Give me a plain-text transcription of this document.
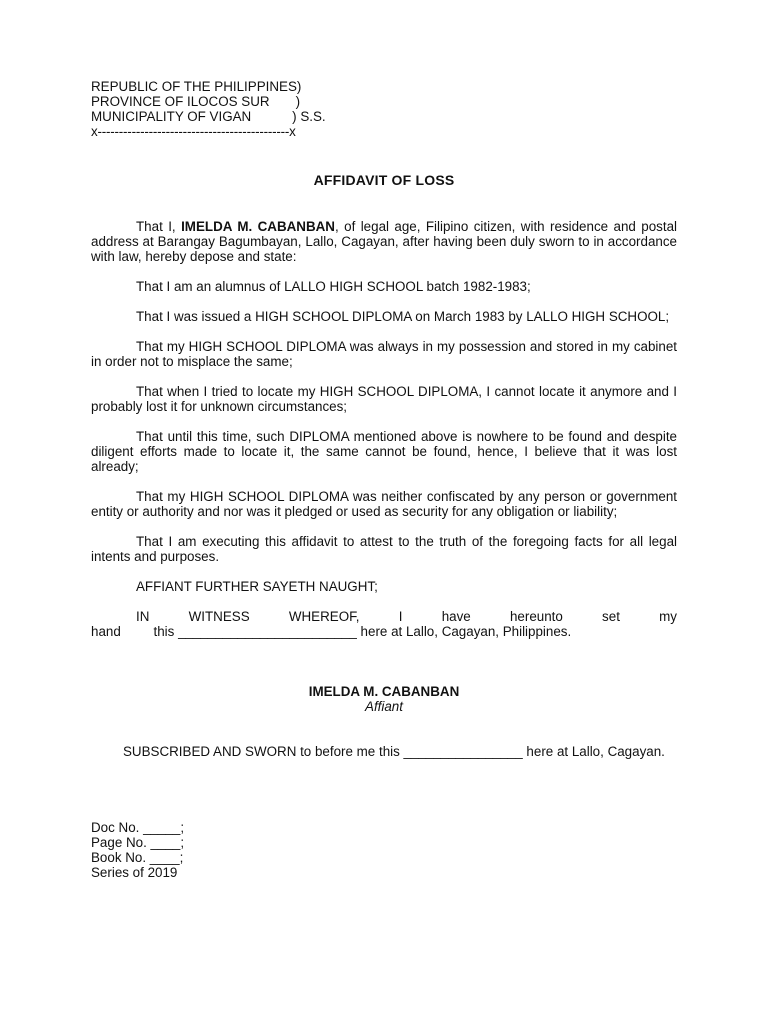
REPUBLIC OF THE PHILIPPINES)
PROVINCE OF ILOCOS SUR       )
MUNICIPALITY OF VIGAN           ) S.S.
x---------------------------------------------x
AFFIDAVIT OF LOSS

That I, IMELDA M. CABANBAN, of legal age, Filipino citizen, with residence and postal address at Barangay Bagumbayan, Lallo, Cagayan, after having been duly sworn to in accordance with law, hereby depose and state:

That I am an alumnus of LALLO HIGH SCHOOL batch 1982-1983;

That I was issued a HIGH SCHOOL DIPLOMA on March 1983 by LALLO HIGH SCHOOL;

That my HIGH SCHOOL DIPLOMA was always in my possession and stored in my cabinet in order not to misplace the same;

That when I tried to locate my HIGH SCHOOL DIPLOMA, I cannot locate it anymore and I probably lost it for unknown circumstances;

That until this time, such DIPLOMA mentioned above is nowhere to be found and despite diligent efforts made to locate it, the same cannot be found, hence, I believe that it was lost already;

That my HIGH SCHOOL DIPLOMA was neither confiscated by any person or government entity or authority and nor was it pledged or used as security for any obligation or liability;

That I am executing this affidavit to attest to the truth of the foregoing facts for all legal intents and purposes.

AFFIANT FURTHER SAYETH NAUGHT;

IN WITNESS WHEREOF, I have hereunto set my hand this ________________________ here at Lallo, Cagayan, Philippines.

IMELDA M. CABANBAN
Affiant

SUBSCRIBED AND SWORN to before me this ________________ here at Lallo, Cagayan.

Doc No. _____;
Page No. ____;
Book No. ____;
Series of 2019
